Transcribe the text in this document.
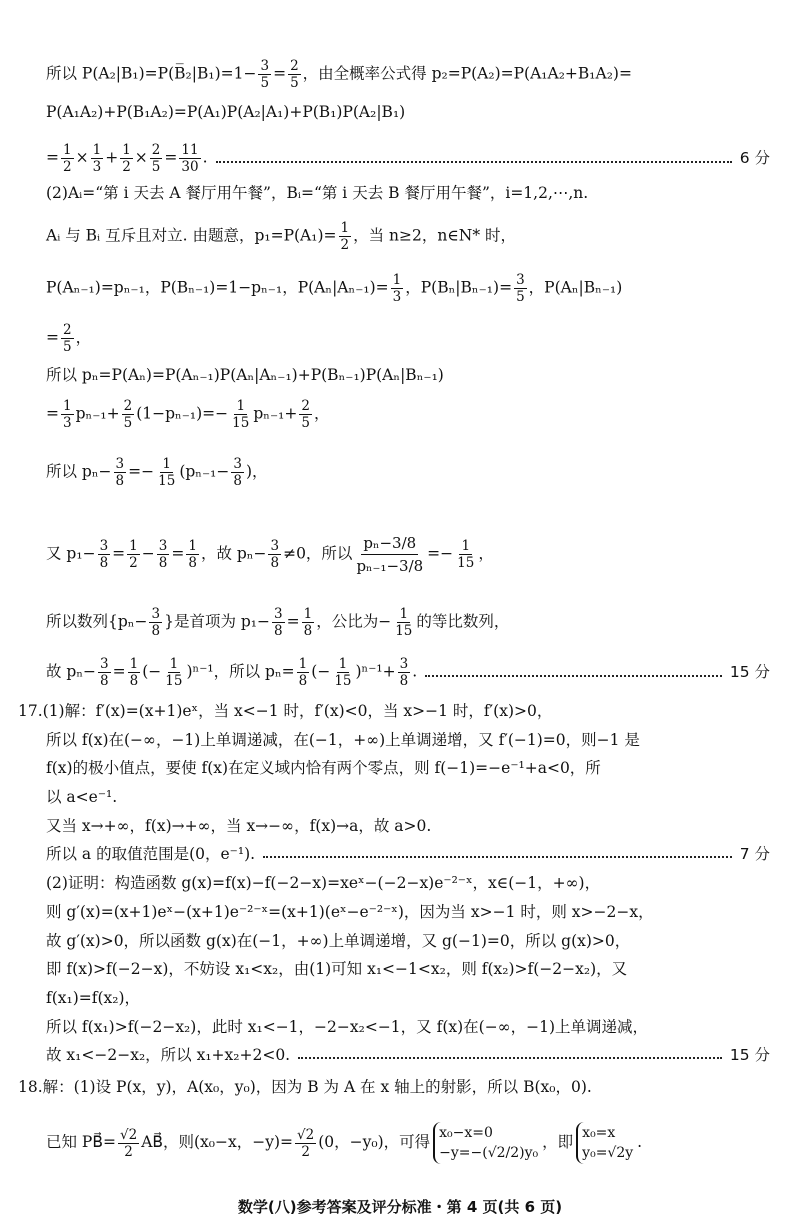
所以 P(A₂|B₁)=P(B̅₂|B₁)=1− $\frac{3}{5} = \frac{2}{5}$ ，由全概率公式得 p₂=P(A₂)=P(A₁A₂+B₁A₂)=
P(A₁A₂)+P(B₁A₂)=P(A₁)P(A₂|A₁)+P(B₁)P(A₂|B₁)
= $\frac{1}{2} \times \frac{1}{3} + \frac{1}{2} \times \frac{2}{5} = \frac{11}{30}$ .	6 分
(2)Aᵢ=“第 i 天去 A 餐厅用午餐”，Bᵢ=“第 i 天去 B 餐厅用午餐”，i=1,2,⋯,n.
Aᵢ 与 Bᵢ 互斥且对立. 由题意，$p_1=P(A_1)= \frac{1}{2}$ ，当 n≥2，n∈N* 时，
P(Aₙ₋₁)=pₙ₋₁，P(Bₙ₋₁)=1−pₙ₋₁，$P(A_n|A_{n-1})= \frac{1}{3}$ ，$P(B_n|B_{n-1})= \frac{3}{5}$ ，P(Aₙ|Bₙ₋₁)
= $\frac{2}{5}$ ，
所以 pₙ=P(Aₙ)=P(Aₙ₋₁)P(Aₙ|Aₙ₋₁)+P(Bₙ₋₁)P(Aₙ|Bₙ₋₁)
= $\frac{1}{3} p_{n-1}+ \frac{2}{5} (1-p_{n-1})=- \frac{1}{15} p_{n-1}+ \frac{2}{5}$ ，
所以 $p_n- \frac{3}{8} =- \frac{1}{15} (p_{n-1}- \frac{3}{8}$ )，
又 $p_1- \frac{3}{8} = \frac{1}{2} - \frac{3}{8} = \frac{1}{8}$ ，故 $p_n- \frac{3}{8} \ne 0$，所以 $\frac{\text{pₙ−3/8}}{\text{pₙ₋₁−3/8}} =- \frac{1}{15}$ ，
所以数列{$p_n- \frac{3}{8}$ }是首项为 $p_1- \frac{3}{8} = \frac{1}{8}$ ，公比为− $\frac{1}{15}$ 的等比数列，
故 $p_n- \frac{3}{8} = \frac{1}{8}$ (− $\frac{1}{15} )^{n-1}$，所以 $p_n= \frac{1}{8}$ (− $\frac{1}{15} )^{n-1}+ \frac{3}{8}$ .	15 分
17.(1)解：f′(x)=(x+1)eˣ，当 x<−1 时，f′(x)<0，当 x>−1 时，f′(x)>0，
所以 f(x)在(−∞，−1)上单调递减，在(−1，+∞)上单调递增，又 f′(−1)=0，则−1 是
f(x)的极小值点，要使 f(x)在定义域内恰有两个零点，则 f(−1)=−e⁻¹+a<0，所
以 a<e⁻¹.
又当 x→+∞，f(x)→+∞，当 x→−∞，f(x)→a，故 a>0.
所以 a 的取值范围是(0，e⁻¹).	7 分
(2)证明：构造函数 g(x)=f(x)−f(−2−x)=xeˣ−(−2−x)e⁻²⁻ˣ，x∈(−1，+∞)，
则 g′(x)=(x+1)eˣ−(x+1)e⁻²⁻ˣ=(x+1)(eˣ−e⁻²⁻ˣ)，因为当 x>−1 时，则 x>−2−x，
故 g′(x)>0，所以函数 g(x)在(−1，+∞)上单调递增，又 g(−1)=0，所以 g(x)>0，
即 f(x)>f(−2−x)，不妨设 x₁<x₂，由(1)可知 x₁<−1<x₂，则 f(x₂)>f(−2−x₂)，又
f(x₁)=f(x₂)，
所以 f(x₁)>f(−2−x₂)，此时 x₁<−1，−2−x₂<−1，又 f(x)在(−∞，−1)上单调递减，
故 x₁<−2−x₂，所以 x₁+x₂+2<0.	15 分
18.解：(1)设 P(x，y)，A(x₀，y₀)，因为 B 为 A 在 x 轴上的射影，所以 B(x₀，0).
已知 PB⃗= $\frac{√2}{2}$ AB⃗，则(x₀−x，$-y)= \frac{√2}{2} (0$，−y₀)，可得 x₀−x=0
−y=−(√2/2)y₀
，即 x₀=x
y₀=√2y
.
数学(八)参考答案及评分标准・第 4 页(共 6 页)
